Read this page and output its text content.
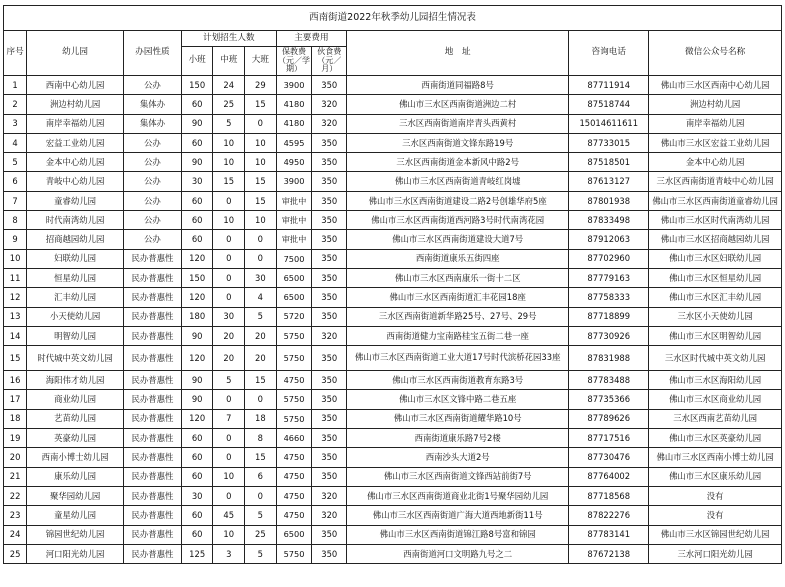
西南街道2022年秋季幼儿园招生情况表										
序号	幼儿园	办园性质	计划招生人数			主要费用		地　址	咨询电话	微信公众号名称
			小班	中班	大班					
						保教费（元／学期）	伙食费（元／月）			
1	西南中心幼儿园	公办	150	24	29	3900	350	西南街道同福路8号	87711914	佛山市三水区西南中心幼儿园
2	洲边村幼儿园	集体办	60	25	15	4180	320	佛山市三水区西南街道洲边二村	87518744	洲边村幼儿园
3	南岸幸福幼儿园	集体办	90	5	0	4180	320	三水区西南街道南岸青头西黄村	15014611611	南岸幸福幼儿园
4	宏益工业幼儿园	公办	60	10	10	4595	350	三水区西南街道文锋东路19号	87733015	佛山市三水区宏益工业幼儿园
5	金本中心幼儿园	公办	90	10	10	4950	350	三水区西南街道金本新风中路2号	87518501	金本中心幼儿园
6	青岐中心幼儿园	公办	30	15	15	3900	350	佛山市三水区西南街道青岐红岗墟	87613127	三水区西南街道青岐中心幼儿园
7	童睿幼儿园	公办	60	0	15	审批中	350	佛山市三水区西南街道建设二路2号创雄华府5座	87801938	佛山市三水区西南街道童睿幼儿园
8	时代南湾幼儿园	公办	60	10	10	审批中	350	佛山市三水区西南街道西河路3号时代南湾花园	87833498	佛山市三水区时代南湾幼儿园
9	招商越园幼儿园	公办	60	0	0	审批中	350	佛山市三水区西南街道建设大道7号	87912063	佛山市三水区招商越园幼儿园
10	妇联幼儿园	民办普惠性	120	0	0	7500	350	西南街道康乐五街四座	87702960	佛山市三水区妇联幼儿园
11	恒星幼儿园	民办普惠性	150	0	30	6500	350	佛山市三水区西南康乐一街十二区	87779163	佛山市三水区恒星幼儿园
12	汇丰幼儿园	民办普惠性	120	0	4	6500	350	佛山市三水区西南街道汇丰花园18座	87758333	佛山市三水区汇丰幼儿园
13	小天使幼儿园	民办普惠性	180	30	5	5720	350	三水区西南街道新华路25号、27号、29号	87718899	三水区小天使幼儿园
14	明智幼儿园	民办普惠性	90	20	20	5750	320	西南街道健力宝南路桂宝五街二巷一座	87730926	佛山市三水区明智幼儿园
15	时代城中英文幼儿园	民办普惠性	120	20	20	5750	350	佛山市三水区西南街道工业大道17号时代滨桥花园33座	87831988	三水区时代城中英文幼儿园
16	海阳伟才幼儿园	民办普惠性	90	5	15	4750	350	佛山市三水区西南街道教育东路3号	87783488	佛山市三水区海阳幼儿园
17	商业幼儿园	民办普惠性	90	0	0	5750	350	佛山市三水区文锋中路二巷五座	87735366	佛山市三水区商业幼儿园
18	艺苗幼儿园	民办普惠性	120	7	18	5750	350	佛山市三水区西南街道耀华路10号	87789626	三水区西南艺苗幼儿园
19	英豪幼儿园	民办普惠性	60	0	8	4660	350	西南街道康乐路7号2楼	87717516	佛山市三水区英豪幼儿园
20	西南小博士幼儿园	民办普惠性	60	0	15	4750	350	西南沙头大道2号	87730476	佛山市三水区西南小博士幼儿园
21	康乐幼儿园	民办普惠性	60	10	6	4750	350	佛山市三水区西南街道文锋西站前街7号	87764002	佛山市三水区康乐幼儿园
22	聚华园幼儿园	民办普惠性	30	0	0	4750	320	佛山市三水区西南街道商业北街1号聚华园幼儿园	87718568	没有
23	童星幼儿园	民办普惠性	60	45	5	4750	320	佛山市三水区西南街道广海大道西地新街11号	87822276	没有
24	锦园世纪幼儿园	民办普惠性	60	10	25	6500	350	佛山市三水区西南街道锦江路8号富和锦园	87783141	佛山市三水区锦园世纪幼儿园
25	河口阳光幼儿园	民办普惠性	125	3	5	5750	350	西南街道河口文明路九号之二	87672138	三水河口阳光幼儿园
